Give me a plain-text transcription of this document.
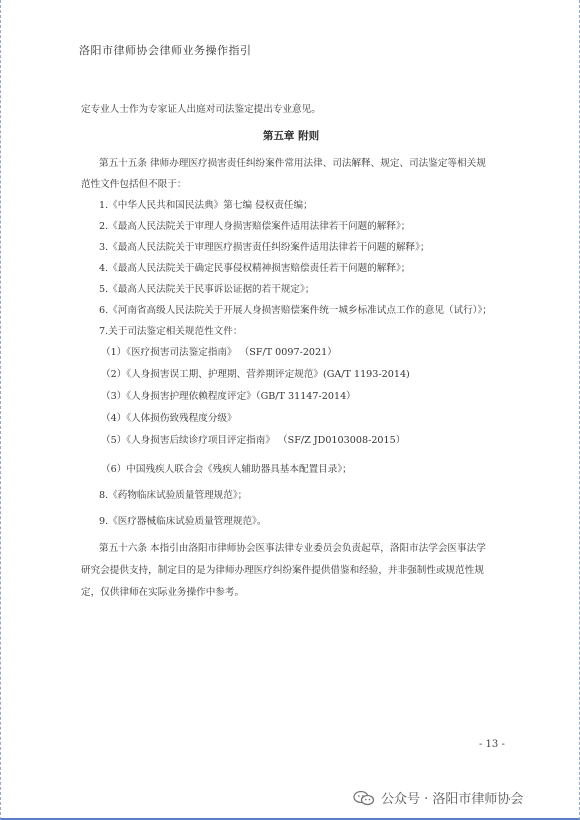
洛阳市律师协会律师业务操作指引
定专业人士作为专家证人出庭对司法鉴定提出专业意见。
第五章 附则
第五十五条 律师办理医疗损害责任纠纷案件常用法律、司法解释、规定、司法鉴定等相关规
范性文件包括但不限于：
1.《中华人民共和国民法典》第七编 侵权责任编；
2.《最高人民法院关于审理人身损害赔偿案件适用法律若干问题的解释》；
3.《最高人民法院关于审理医疗损害责任纠纷案件适用法律若干问题的解释》；
4.《最高人民法院关于确定民事侵权精神损害赔偿责任若干问题的解释》；
5.《最高人民法院关于民事诉讼证据的若干规定》；
6.《河南省高级人民法院关于开展人身损害赔偿案件统一城乡标准试点工作的意见（试行）》；
7.关于司法鉴定相关规范性文件：
（1）《医疗损害司法鉴定指南》 （SF/T 0097-2021）
（2）《人身损害误工期、护理期、营养期评定规范》(GA/T 1193-2014)
（3）《人身损害护理依赖程度评定》（GB/T 31147-2014）
（4）《人体损伤致残程度分级》
（5）《人身损害后续诊疗项目评定指南》 （SF/Z JD0103008-2015）
（6）中国残疾人联合会《残疾人辅助器具基本配置目录》；
8.《药物临床试验质量管理规范》；
9.《医疗器械临床试验质量管理规范》。
第五十六条 本指引由洛阳市律师协会医事法律专业委员会负责起草，洛阳市法学会医事法学
研究会提供支持，制定目的是为律师办理医疗纠纷案件提供借鉴和经验，并非强制性或规范性规
定，仅供律师在实际业务操作中参考。
- 13 -
公众号 · 洛阳市律师协会
